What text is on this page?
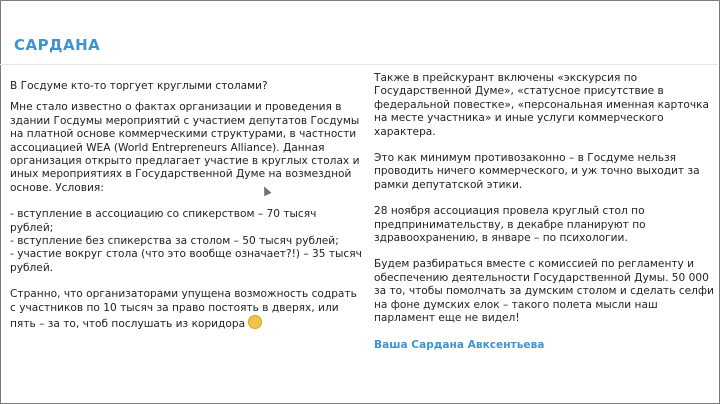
САРДАНА

В Госдуме кто-то торгует круглыми столами?

Мне стало известно о фактах организации и проведения в здании Госдумы мероприятий с участием депутатов Госдумы на платной основе коммерческими структурами, в частности ассоциацией WEA (World Entrepreneurs Alliance). Данная организация открыто предлагает участие в круглых столах и иных мероприятиях в Государственной Думе на возмездной основе. Условия:

- вступление в ассоциацию со спикерством – 70 тысяч рублей;
- вступление без спикерства за столом – 50 тысяч рублей;
- участие вокруг стола (что это вообще означает?!) – 35 тысяч рублей.

Странно, что организаторами упущена возможность содрать с участников по 10 тысяч за право постоять в дверях, или пять – за то, чтоб послушать из коридора

Также в прейскурант включены «экскурсия по Государственной Думе», «статусное присутствие в федеральной повестке», «персональная именная карточка на месте участника» и иные услуги коммерческого характера.

Это как минимум противозаконно – в Госдуме нельзя проводить ничего коммерческого, и уж точно выходит за рамки депутатской этики.

28 ноября ассоциация провела круглый стол по предпринимательству, в декабре планируют по здравоохранению, в январе – по психологии.

Будем разбираться вместе с комиссией по регламенту и обеспечению деятельности Государственной Думы. 50 000 за то, чтобы помолчать за думским столом и сделать селфи на фоне думских елок – такого полета мысли наш парламент еще не видел!

Ваша Сардана Авксентьева
